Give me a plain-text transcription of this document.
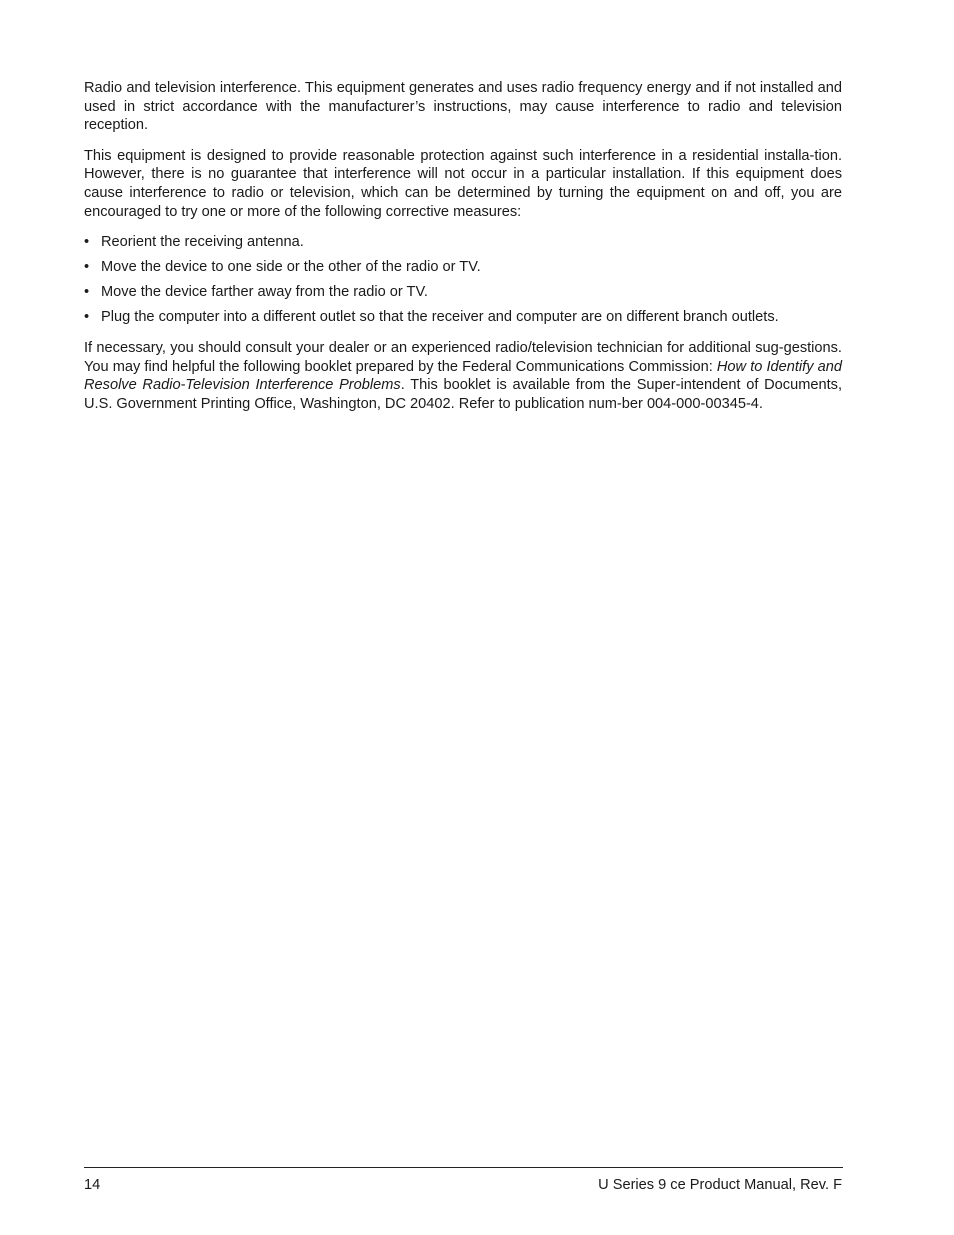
Radio and television interference. This equipment generates and uses radio frequency energy and if not installed and used in strict accordance with the manufacturer’s instructions, may cause interference to radio and television reception.

This equipment is designed to provide reasonable protection against such interference in a residential installa-tion. However, there is no guarantee that interference will not occur in a particular installation. If this equipment does cause interference to radio or television, which can be determined by turning the equipment on and off, you are encouraged to try one or more of the following corrective measures:

• Reorient the receiving antenna.
• Move the device to one side or the other of the radio or TV.
• Move the device farther away from the radio or TV.
• Plug the computer into a different outlet so that the receiver and computer are on different branch outlets.

If necessary, you should consult your dealer or an experienced radio/television technician for additional sug-gestions. You may find helpful the following booklet prepared by the Federal Communications Commission: How to Identify and Resolve Radio-Television Interference Problems. This booklet is available from the Super-intendent of Documents, U.S. Government Printing Office, Washington, DC 20402. Refer to publication num-ber 004-000-00345-4.

14	U Series 9 ce Product Manual, Rev. F
